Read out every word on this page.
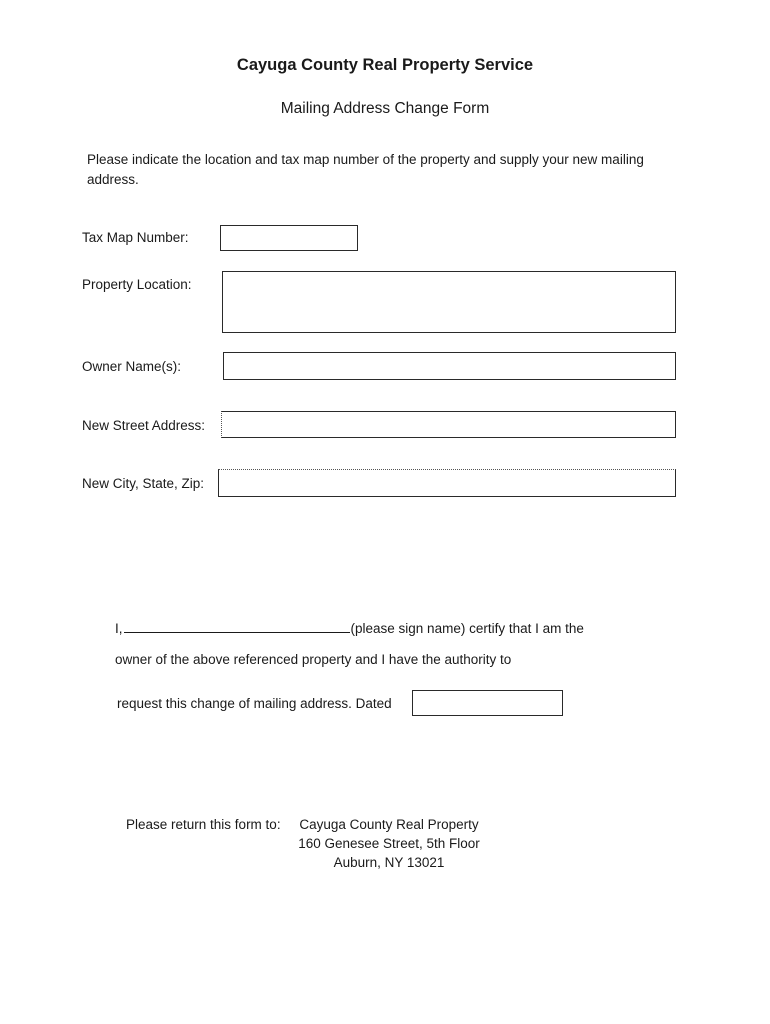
Cayuga County Real Property Service
Mailing Address Change Form
Please indicate the location and tax map number of the property and supply your new mailing address.
Tax Map Number:
Property Location:
Owner Name(s):
New Street Address:
New City, State, Zip:
I,	(please sign name) certify that I am the
owner of the above referenced property and I have the authority to
request this change of mailing address. Dated
Please return this form to:	Cayuga County Real Property
160 Genesee Street, 5th Floor
Auburn, NY 13021
